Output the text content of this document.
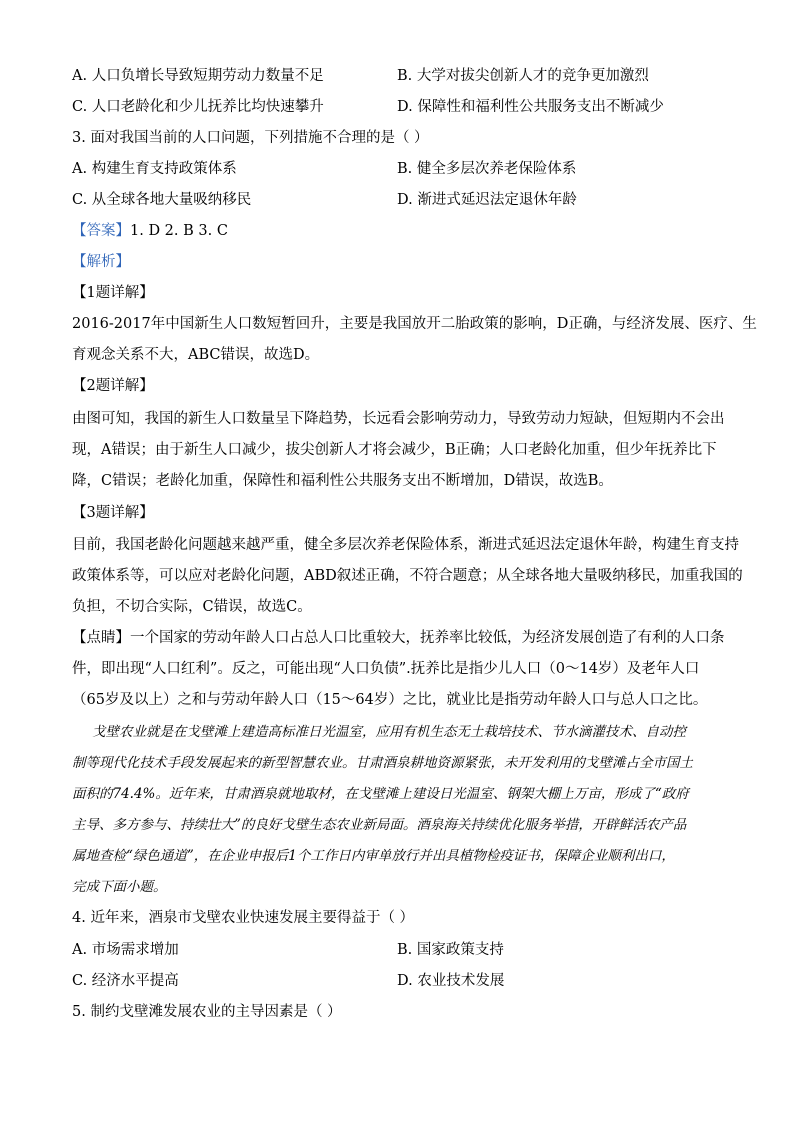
A. 人口负增长导致短期劳动力数量不足	B. 大学对拔尖创新人才的竞争更加激烈
C. 人口老龄化和少儿抚养比均快速攀升	D. 保障性和福利性公共服务支出不断减少
3. 面对我国当前的人口问题，下列措施不合理的是（ ）
A. 构建生育支持政策体系	B. 健全多层次养老保险体系
C. 从全球各地大量吸纳移民	D. 渐进式延迟法定退休年龄
【答案】1. D 2. B 3. C
【解析】
【1题详解】
2016-2017年中国新生人口数短暂回升，主要是我国放开二胎政策的影响，D正确，与经济发展、医疗、生
育观念关系不大，ABC错误，故选D。
【2题详解】
由图可知，我国的新生人口数量呈下降趋势，长远看会影响劳动力，导致劳动力短缺，但短期内不会出
现，A错误；由于新生人口减少，拔尖创新人才将会减少，B正确；人口老龄化加重，但少年抚养比下
降，C错误；老龄化加重，保障性和福利性公共服务支出不断增加，D错误，故选B。
【3题详解】
目前，我国老龄化问题越来越严重，健全多层次养老保险体系，渐进式延迟法定退休年龄，构建生育支持
政策体系等，可以应对老龄化问题，ABD叙述正确，不符合题意；从全球各地大量吸纳移民，加重我国的
负担，不切合实际，C错误，故选C。
【点睛】一个国家的劳动年龄人口占总人口比重较大，抚养率比较低，为经济发展创造了有利的人口条
件，即出现“人口红利”。反之，可能出现“人口负债”.抚养比是指少儿人口（0～14岁）及老年人口
（65岁及以上）之和与劳动年龄人口（15～64岁）之比，就业比是指劳动年龄人口与总人口之比。
戈壁农业就是在戈壁滩上建造高标准日光温室，应用有机生态无土栽培技术、节水滴灌技术、自动控
制等现代化技术手段发展起来的新型智慧农业。甘肃酒泉耕地资源紧张，未开发利用的戈壁滩占全市国土
面积的74.4%。近年来，甘肃酒泉就地取材，在戈壁滩上建设日光温室、钢架大棚上万亩，形成了“政府
主导、多方参与、持续壮大”的良好戈壁生态农业新局面。酒泉海关持续优化服务举措，开辟鲜活农产品
属地查检“绿色通道”，在企业申报后1个工作日内审单放行并出具植物检疫证书，保障企业顺利出口，
完成下面小题。
4. 近年来，酒泉市戈壁农业快速发展主要得益于（ ）
A. 市场需求增加	B. 国家政策支持
C. 经济水平提高	D. 农业技术发展
5. 制约戈壁滩发展农业的主导因素是（ ）
